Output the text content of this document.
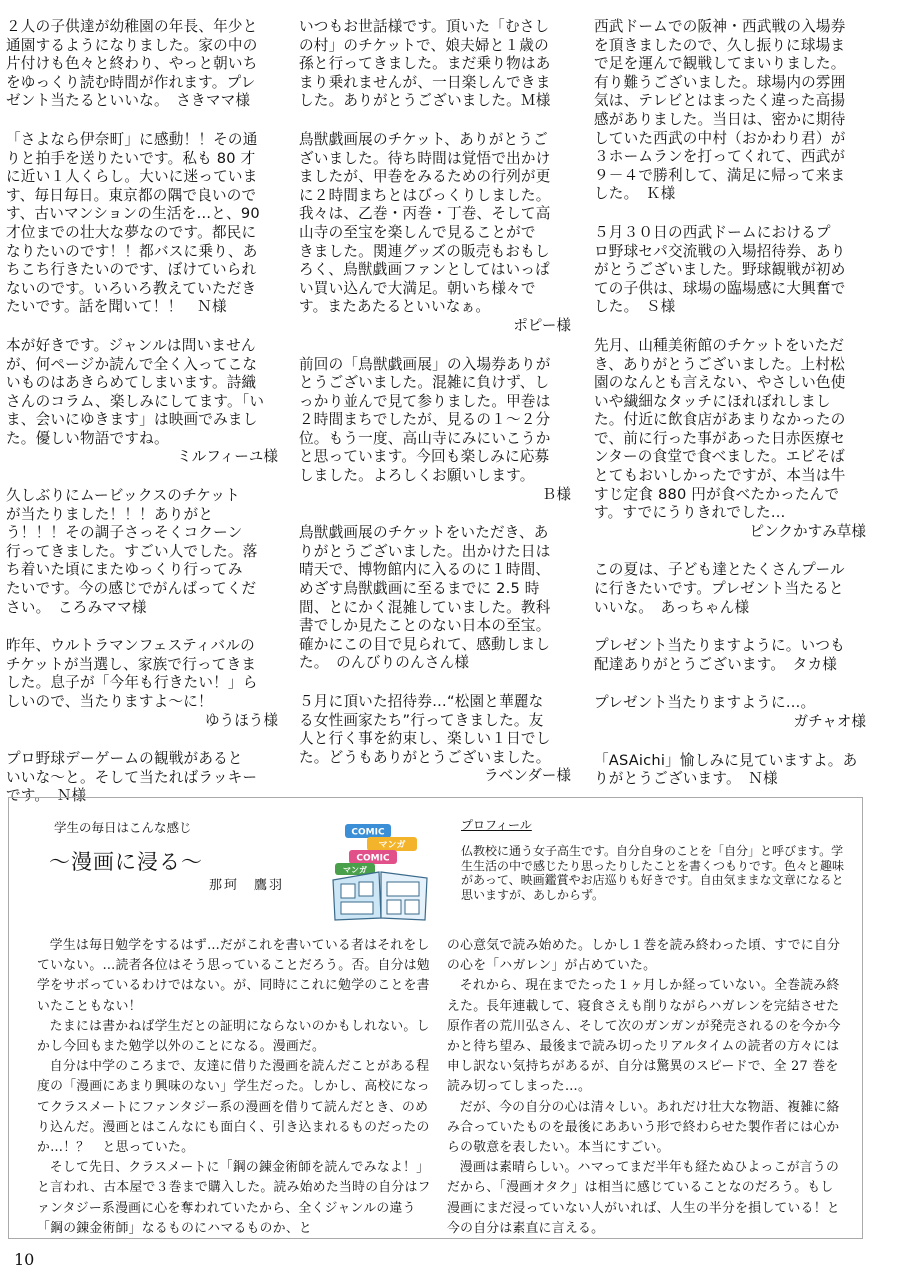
２人の子供達が幼稚園の年長、年少と
通園するようになりました。家の中の
片付けも色々と終わり、やっと朝いち
をゆっくり読む時間が作れます。プレ
ゼント当たるといいな。　さきママ様
「さよなら伊奈町」に感動！！その通
りと拍手を送りたいです。私も 80 才
に近い１人くらし。大いに迷っていま
す、毎日毎日。東京都の隅で良いので
す、古いマンションの生活を…と、90
才位までの壮大な夢なのです。都民に
なりたいのです！！都バスに乗り、あ
ちこち行きたいのです、ぼけていられ
ないのです。いろいろ教えていただき
たいです。話を聞いて！！　Ｎ様
本が好きです。ジャンルは問いません
が、何ページか読んで全く入ってこな
いものはあきらめてしまいます。詩織
さんのコラム、楽しみにしてます。「い
ま、会いにゆきます」は映画でみまし
た。優しい物語ですね。
ミルフィーユ様
久しぶりにムービックスのチケット
が当たりました！！！ありがと
う！！！その調子さっそくコクーン
行ってきました。すごい人でした。落
ち着いた頃にまたゆっくり行ってみ
たいです。今の感じでがんばってくだ
さい。　ころみママ様
昨年、ウルトラマンフェスティバルの
チケットが当選し、家族で行ってきま
した。息子が「今年も行きたい！」ら
しいので、当たりますよ～に！
ゆうほう様
プロ野球デーゲームの観戦があると
いいな～と。そして当たればラッキー
です。　Ｎ様
いつもお世話様です。頂いた「むさし
の村」のチケットで、娘夫婦と１歳の
孫と行ってきました。まだ乗り物はあ
まり乗れませんが、一日楽しんできま
した。ありがとうございました。Ｍ様
鳥獣戯画展のチケット、ありがとうご
ざいました。待ち時間は覚悟で出かけ
ましたが、甲巻をみるための行列が更
に２時間まちとはびっくりしました。
我々は、乙巻・丙巻・丁巻、そして高
山寺の至宝を楽しんで見ることがで
きました。関連グッズの販売もおもし
ろく、鳥獣戯画ファンとしてはいっぱ
い買い込んで大満足。朝いち様々で
す。またあたるといいなぁ。
ポピー様
前回の「鳥獣戯画展」の入場券ありが
とうございました。混雑に負けず、し
っかり並んで見て参りました。甲巻は
２時間まちでしたが、見るの１～２分
位。もう一度、高山寺にみにいこうか
と思っています。今回も楽しみに応募
しました。よろしくお願いします。
Ｂ様
鳥獣戯画展のチケットをいただき、あ
りがとうございました。出かけた日は
晴天で、博物館内に入るのに１時間、
めざす鳥獣戯画に至るまでに 2.5 時
間、とにかく混雑していました。教科
書でしか見たことのない日本の至宝。
確かにこの目で見られて、感動しまし
た。　のんびりのんさん様
５月に頂いた招待券…“松園と華麗な
る女性画家たち”行ってきました。友
人と行く事を約束し、楽しい１日でし
た。どうもありがとうございました。
ラベンダー様
西武ドームでの阪神・西武戦の入場券
を頂きましたので、久し振りに球場ま
で足を運んで観戦してまいりました。
有り難うございました。球場内の雰囲
気は、テレビとはまったく違った高揚
感がありました。当日は、密かに期待
していた西武の中村（おかわり君）が
３ホームランを打ってくれて、西武が
９－４で勝利して、満足に帰って来ま
した。　Ｋ様
５月３０日の西武ドームにおけるプ
ロ野球セパ交流戦の入場招待券、あり
がとうございました。野球観戦が初め
ての子供は、球場の臨場感に大興奮で
した。　Ｓ様
先月、山種美術館のチケットをいただ
き、ありがとうございました。上村松
園のなんとも言えない、やさしい色使
いや繊細なタッチにほれぼれしまし
た。付近に飲食店があまりなかったの
で、前に行った事があった日赤医療セ
ンターの食堂で食べました。エビそば
とてもおいしかったですが、本当は牛
すじ定食 880 円が食べたかったんで
す。すでにうりきれでした…
ピンクかすみ草様
この夏は、子ども達とたくさんプール
に行きたいです。プレゼント当たると
いいな。　あっちゃん様
プレゼント当たりますように。いつも
配達ありがとうございます。　タカ様
プレゼント当たりますように…。
ガチャオ様
「ASAichi」愉しみに見ていますよ。あ
りがとうございます。　Ｎ様
学生の毎日はこんな感じ
～漫画に浸る～
那珂　鷹羽
COMIC
マンガ
COMIC
マンガ
プロフィール
仏教校に通う女子高生です。自分自身のことを「自分」と呼びます。学生生活の中で感じたり思ったりしたことを書くつもりです。色々と趣味があって、映画鑑賞やお店巡りも好きです。自由気ままな文章になると思いますが、あしからず。

学生は毎日勉学をするはず…だがこれを書いている者はそれをしていない。…読者各位はそう思っていることだろう。否。自分は勉学をサボっているわけではない。が、同時にこれに勉学のことを書いたこともない！

たまには書かねば学生だとの証明にならないのかもしれない。しかし今回もまた勉学以外のことになる。漫画だ。

自分は中学のころまで、友達に借りた漫画を読んだことがある程度の「漫画にあまり興味のない」学生だった。しかし、高校になってクラスメートにファンタジー系の漫画を借りて読んだとき、のめり込んだ。漫画とはこんなにも面白く、引き込まれるものだったのか…！？　と思っていた。

そして先日、クラスメートに「鋼の錬金術師を読んでみなよ！」と言われ、古本屋で３巻まで購入した。読み始めた当時の自分はファンタジー系漫画に心を奪われていたから、全くジャンルの違う「鋼の錬金術師」なるものにハマるものか、と

の心意気で読み始めた。しかし１巻を読み終わった頃、すでに自分の心を「ハガレン」が占めていた。

それから、現在までたった１ヶ月しか経っていない。全巻読み終えた。長年連載して、寝食さえも削りながらハガレンを完結させた原作者の荒川弘さん、そして次のガンガンが発売されるのを今か今かと待ち望み、最後まで読み切ったリアルタイムの読者の方々には申し訳ない気持ちがあるが、自分は驚異のスピードで、全 27 巻を読み切ってしまった…。

だが、今の自分の心は清々しい。あれだけ壮大な物語、複雑に絡み合っていたものを最後にああいう形で終わらせた製作者には心からの敬意を表したい。本当にすごい。

漫画は素晴らしい。ハマってまだ半年も経たぬひよっこが言うのだから、「漫画オタク」は相当に感じていることなのだろう。もし漫画にまだ浸っていない人がいれば、人生の半分を損している！と今の自分は素直に言える。

10
